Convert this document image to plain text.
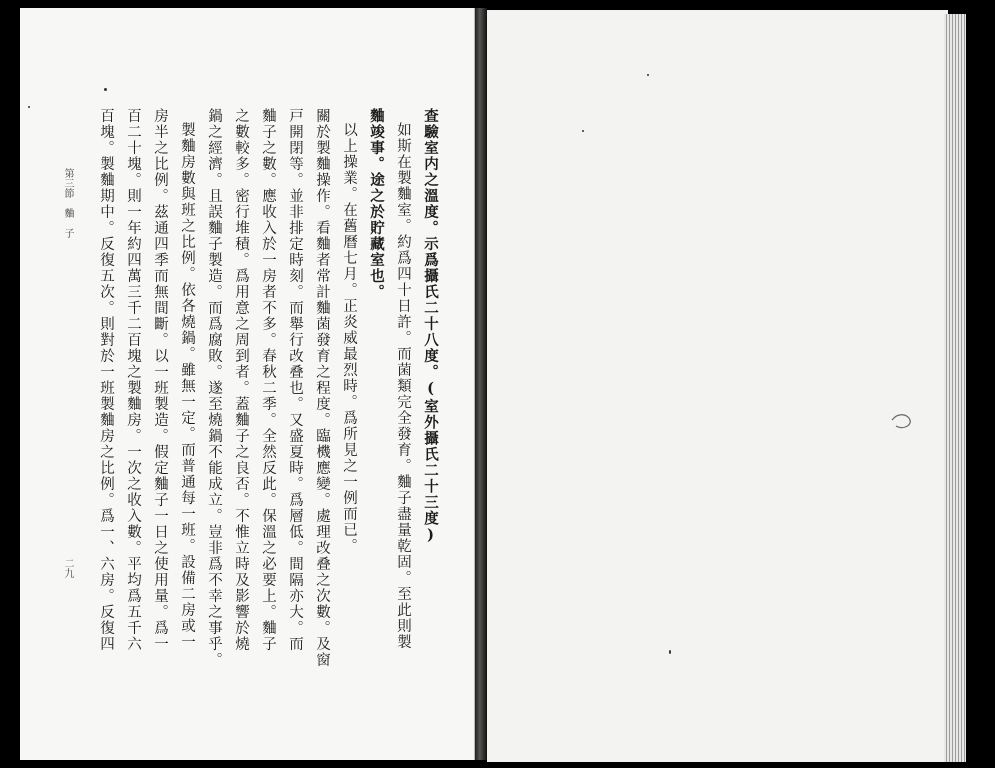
査驗室内之溫度。示爲攝氏二十八度。(室外攝氏二十三度)
如斯在製麯室。約爲四十日許。而菌類完全發育。麯子盡量乾固。至此則製
麯竣事。途之於貯藏室也。
以上操業。在舊曆七月。正炎威最烈時。爲所見之一例而已。
關於製麯操作。看麯者常計麯菌發育之程度。臨機應變。處理改叠之次數。及窗
戸開閉等。並非排定時刻。而舉行改叠也。又盛夏時。爲層低。間隔亦大。而
麯子之數。應收入於一房者不多。春秋二季。全然反此。保溫之必要上。麯子
之數較多。密行堆積。爲用意之周到者。蓋麯子之良否。不惟立時及影響於燒
鍋之經濟。且誤麯子製造。而爲腐敗。遂至燒鍋不能成立。豈非爲不幸之事乎。
製麯房數與班之比例。依各燒鍋。雖無一定。而普通每一班。設備二房或一
房半之比例。茲通四季而無間斷。以一班製造。假定麯子一日之使用量。爲一
百二十塊。則一年約四萬三千二百塊之製麯房。一次之收入數。平均爲五千六
百塊。製麯期中。反復五次。則對於一班製麯房之比例。爲一、六房。反復四
第三節　麯　子
二九
